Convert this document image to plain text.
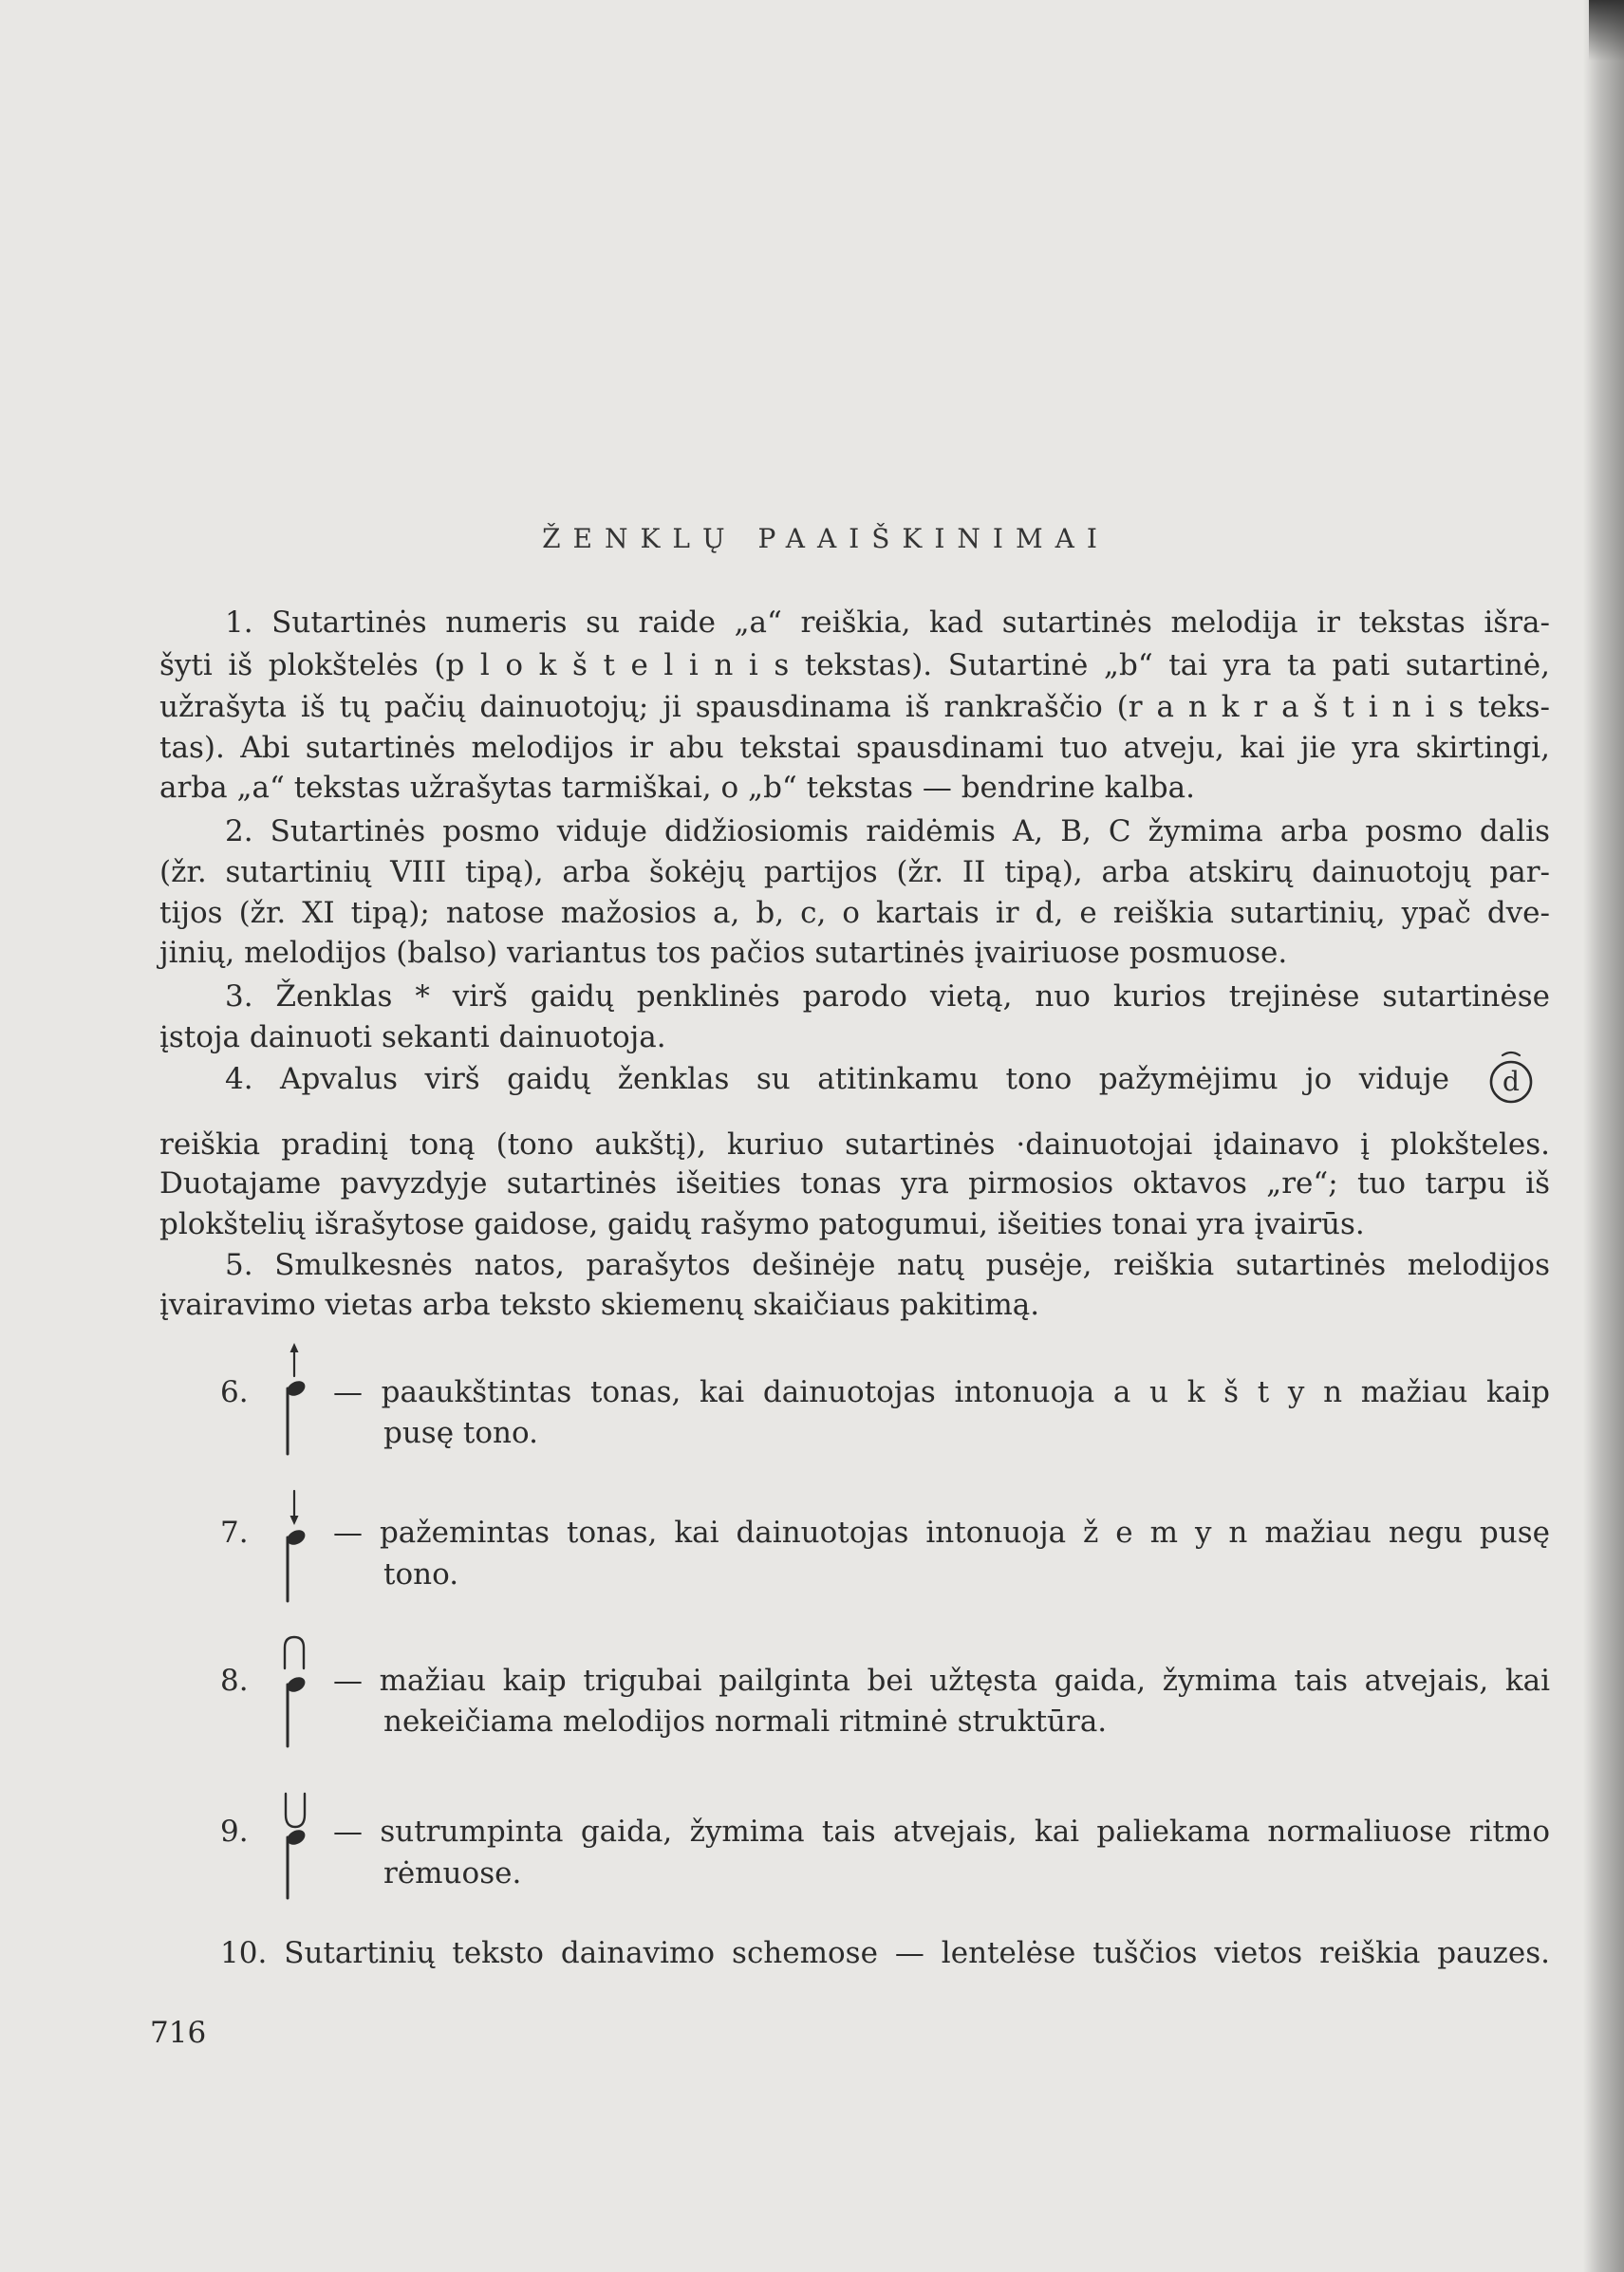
ŽENKLŲ PAAIŠKINIMAI
1. Sutartinės numeris su raide „a“ reiškia, kad sutartinės melodija ir tekstas išra-
šyti iš plokštelės (p l o k š t e l i n i s tekstas). Sutartinė „b“ tai yra ta pati sutartinė,
užrašyta iš tų pačių dainuotojų; ji spausdinama iš rankraščio (r a n k r a š t i n i s teks-
tas). Abi sutartinės melodijos ir abu tekstai spausdinami tuo atveju, kai jie yra skirtingi,
arba „a“ tekstas užrašytas tarmiškai, o „b“ tekstas — bendrine kalba.
2. Sutartinės posmo viduje didžiosiomis raidėmis A, B, C žymima arba posmo dalis
(žr. sutartinių VIII tipą), arba šokėjų partijos (žr. II tipą), arba atskirų dainuotojų par-
tijos (žr. XI tipą); natose mažosios a, b, c, o kartais ir d, e reiškia sutartinių, ypač dve-
jinių, melodijos (balso) variantus tos pačios sutartinės įvairiuose posmuose.
3. Ženklas * virš gaidų penklinės parodo vietą, nuo kurios trejinėse sutartinėse
įstoja dainuoti sekanti dainuotoja.
4. Apvalus virš gaidų ženklas su atitinkamu tono pažymėjimu jo viduje d
reiškia pradinį toną (tono aukštį), kuriuo sutartinės ·dainuotojai įdainavo į plokšteles.
Duotajame pavyzdyje sutartinės išeities tonas yra pirmosios oktavos „re“; tuo tarpu iš
plokštelių išrašytose gaidose, gaidų rašymo patogumui, išeities tonai yra įvairūs.
5. Smulkesnės natos, parašytos dešinėje natų pusėje, reiškia sutartinės melodijos
įvairavimo vietas arba teksto skiemenų skaičiaus pakitimą.
6.	— paaukštintas tonas, kai dainuotojas intonuoja a u k š t y n mažiau kaip
pusę tono.
7.	— pažemintas tonas, kai dainuotojas intonuoja ž e m y n mažiau negu pusę
tono.
8.	— mažiau kaip trigubai pailginta bei užtęsta gaida, žymima tais atvejais, kai
nekeičiama melodijos normali ritminė struktūra.
9.	— sutrumpinta gaida, žymima tais atvejais, kai paliekama normaliuose ritmo
rėmuose.
10. Sutartinių teksto dainavimo schemose — lentelėse tuščios vietos reiškia pauzes.
716
